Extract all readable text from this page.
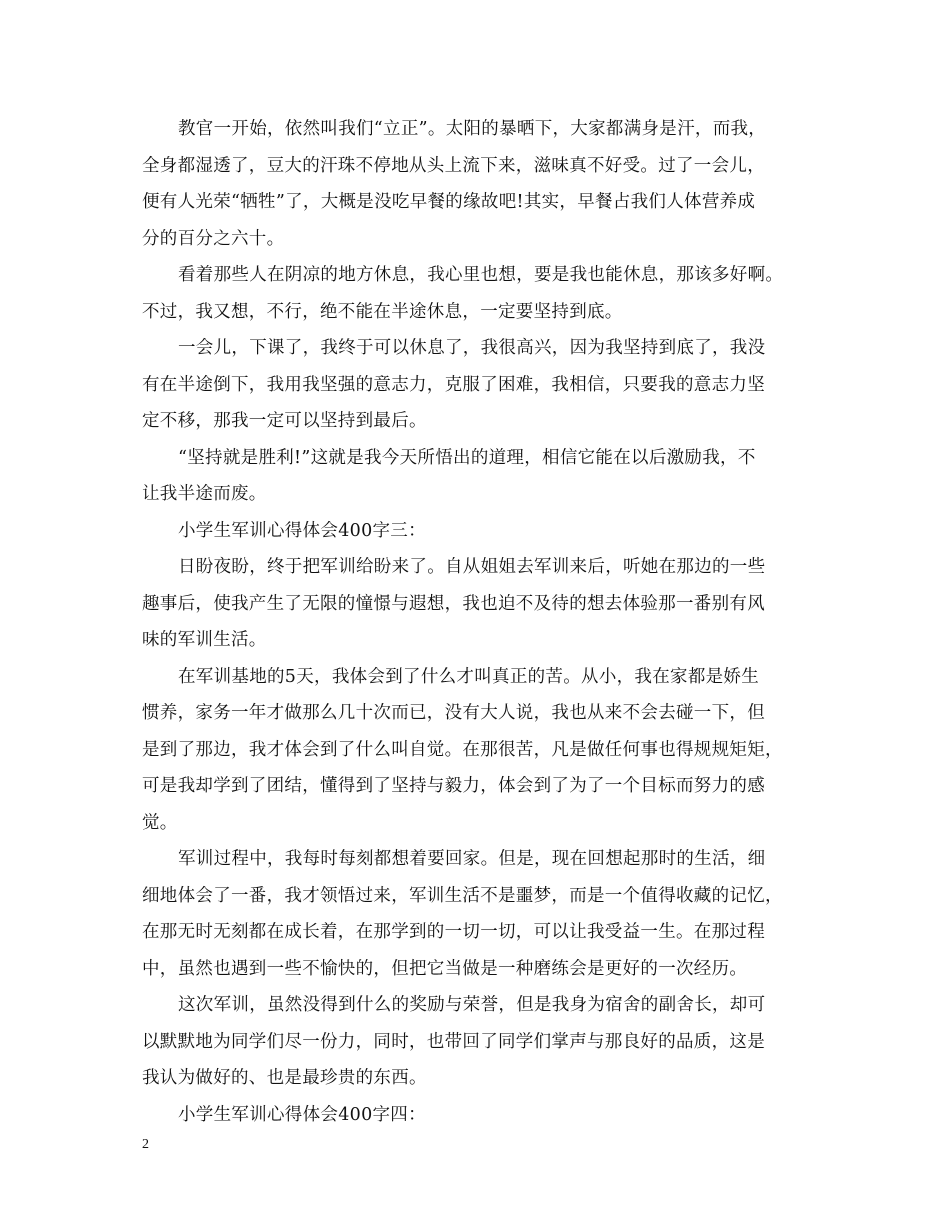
教官一开始，依然叫我们“立正”。太阳的暴晒下，大家都满身是汗，而我，
全身都湿透了，豆大的汗珠不停地从头上流下来，滋味真不好受。过了一会儿，
便有人光荣“牺牲”了，大概是没吃早餐的缘故吧!其实，早餐占我们人体营养成
分的百分之六十。
看着那些人在阴凉的地方休息，我心里也想，要是我也能休息，那该多好啊。
不过，我又想，不行，绝不能在半途休息，一定要坚持到底。
一会儿，下课了，我终于可以休息了，我很高兴，因为我坚持到底了，我没
有在半途倒下，我用我坚强的意志力，克服了困难，我相信，只要我的意志力坚
定不移，那我一定可以坚持到最后。
“坚持就是胜利!”这就是我今天所悟出的道理，相信它能在以后激励我，不
让我半途而废。
小学生军训心得体会400字三：
日盼夜盼，终于把军训给盼来了。自从姐姐去军训来后，听她在那边的一些
趣事后，使我产生了无限的憧憬与遐想，我也迫不及待的想去体验那一番别有风
味的军训生活。
在军训基地的5天，我体会到了什么才叫真正的苦。从小，我在家都是娇生
惯养，家务一年才做那么几十次而已，没有大人说，我也从来不会去碰一下，但
是到了那边，我才体会到了什么叫自觉。在那很苦，凡是做任何事也得规规矩矩，
可是我却学到了团结，懂得到了坚持与毅力，体会到了为了一个目标而努力的感
觉。
军训过程中，我每时每刻都想着要回家。但是，现在回想起那时的生活，细
细地体会了一番，我才领悟过来，军训生活不是噩梦，而是一个值得收藏的记忆，
在那无时无刻都在成长着，在那学到的一切一切，可以让我受益一生。在那过程
中，虽然也遇到一些不愉快的，但把它当做是一种磨练会是更好的一次经历。
这次军训，虽然没得到什么的奖励与荣誉，但是我身为宿舍的副舍长，却可
以默默地为同学们尽一份力，同时，也带回了同学们掌声与那良好的品质，这是
我认为做好的、也是最珍贵的东西。
小学生军训心得体会400字四：
2
